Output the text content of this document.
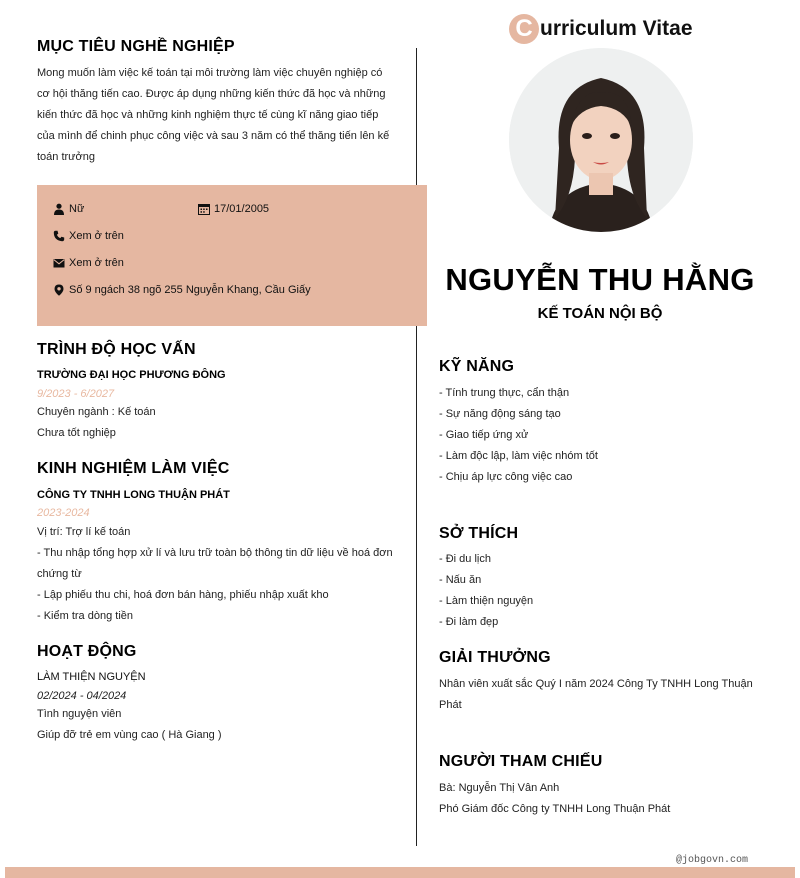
C urriculum Vitae
NGUYỄN THU HẰNG
KẾ TOÁN NỘI BỘ
MỤC TIÊU NGHỀ NGHIỆP
Mong muốn làm việc kế toán tại môi trường làm việc chuyên nghiệp có
cơ hội thăng tiến cao. Được áp dụng những kiến thức đã học và những
kiến thức đã học và những kinh nghiệm thực tế cùng kĩ năng giao tiếp
của mình để chinh phục công việc và sau 3 năm có thể thăng tiến lên kế
toán trưởng
Nữ	17/01/2005
Xem ở trên
Xem ở trên
Số 9 ngách 38 ngõ 255 Nguyễn Khang, Cầu Giấy
TRÌNH ĐỘ HỌC VẤN
TRƯỜNG ĐẠI HỌC PHƯƠNG ĐÔNG
9/2023 - 6/2027
Chuyên ngành : Kế toán
Chưa tốt nghiệp
KINH NGHIỆM LÀM VIỆC
CÔNG TY TNHH LONG THUẬN PHÁT
2023-2024
Vị trí: Trợ lí kế toán
- Thu nhập tổng hợp xử lí và lưu trữ toàn bộ thông tin dữ liệu về hoá đơn
chứng từ
- Lập phiếu thu chi, hoá đơn bán hàng, phiếu nhập xuất kho
- Kiểm tra dòng tiền
HOẠT ĐỘNG
LÀM THIỆN NGUYỆN
02/2024 - 04/2024
Tình nguyện viên
Giúp đỡ trẻ em vùng cao ( Hà Giang )
KỸ NĂNG
- Tính trung thực, cẩn thận
- Sự năng động sáng tạo
- Giao tiếp ứng xử
- Làm độc lập, làm việc nhóm tốt
- Chịu áp lực công việc cao
SỞ THÍCH
- Đi du lịch
- Nấu ăn
- Làm thiện nguyện
- Đi làm đẹp
GIẢI THƯỞNG
Nhân viên xuất sắc Quý I năm 2024 Công Ty TNHH Long Thuận
Phát
NGƯỜI THAM CHIẾU
Bà: Nguyễn Thị Vân Anh
Phó Giám đốc Công ty TNHH Long Thuận Phát
@jobgovn.com
